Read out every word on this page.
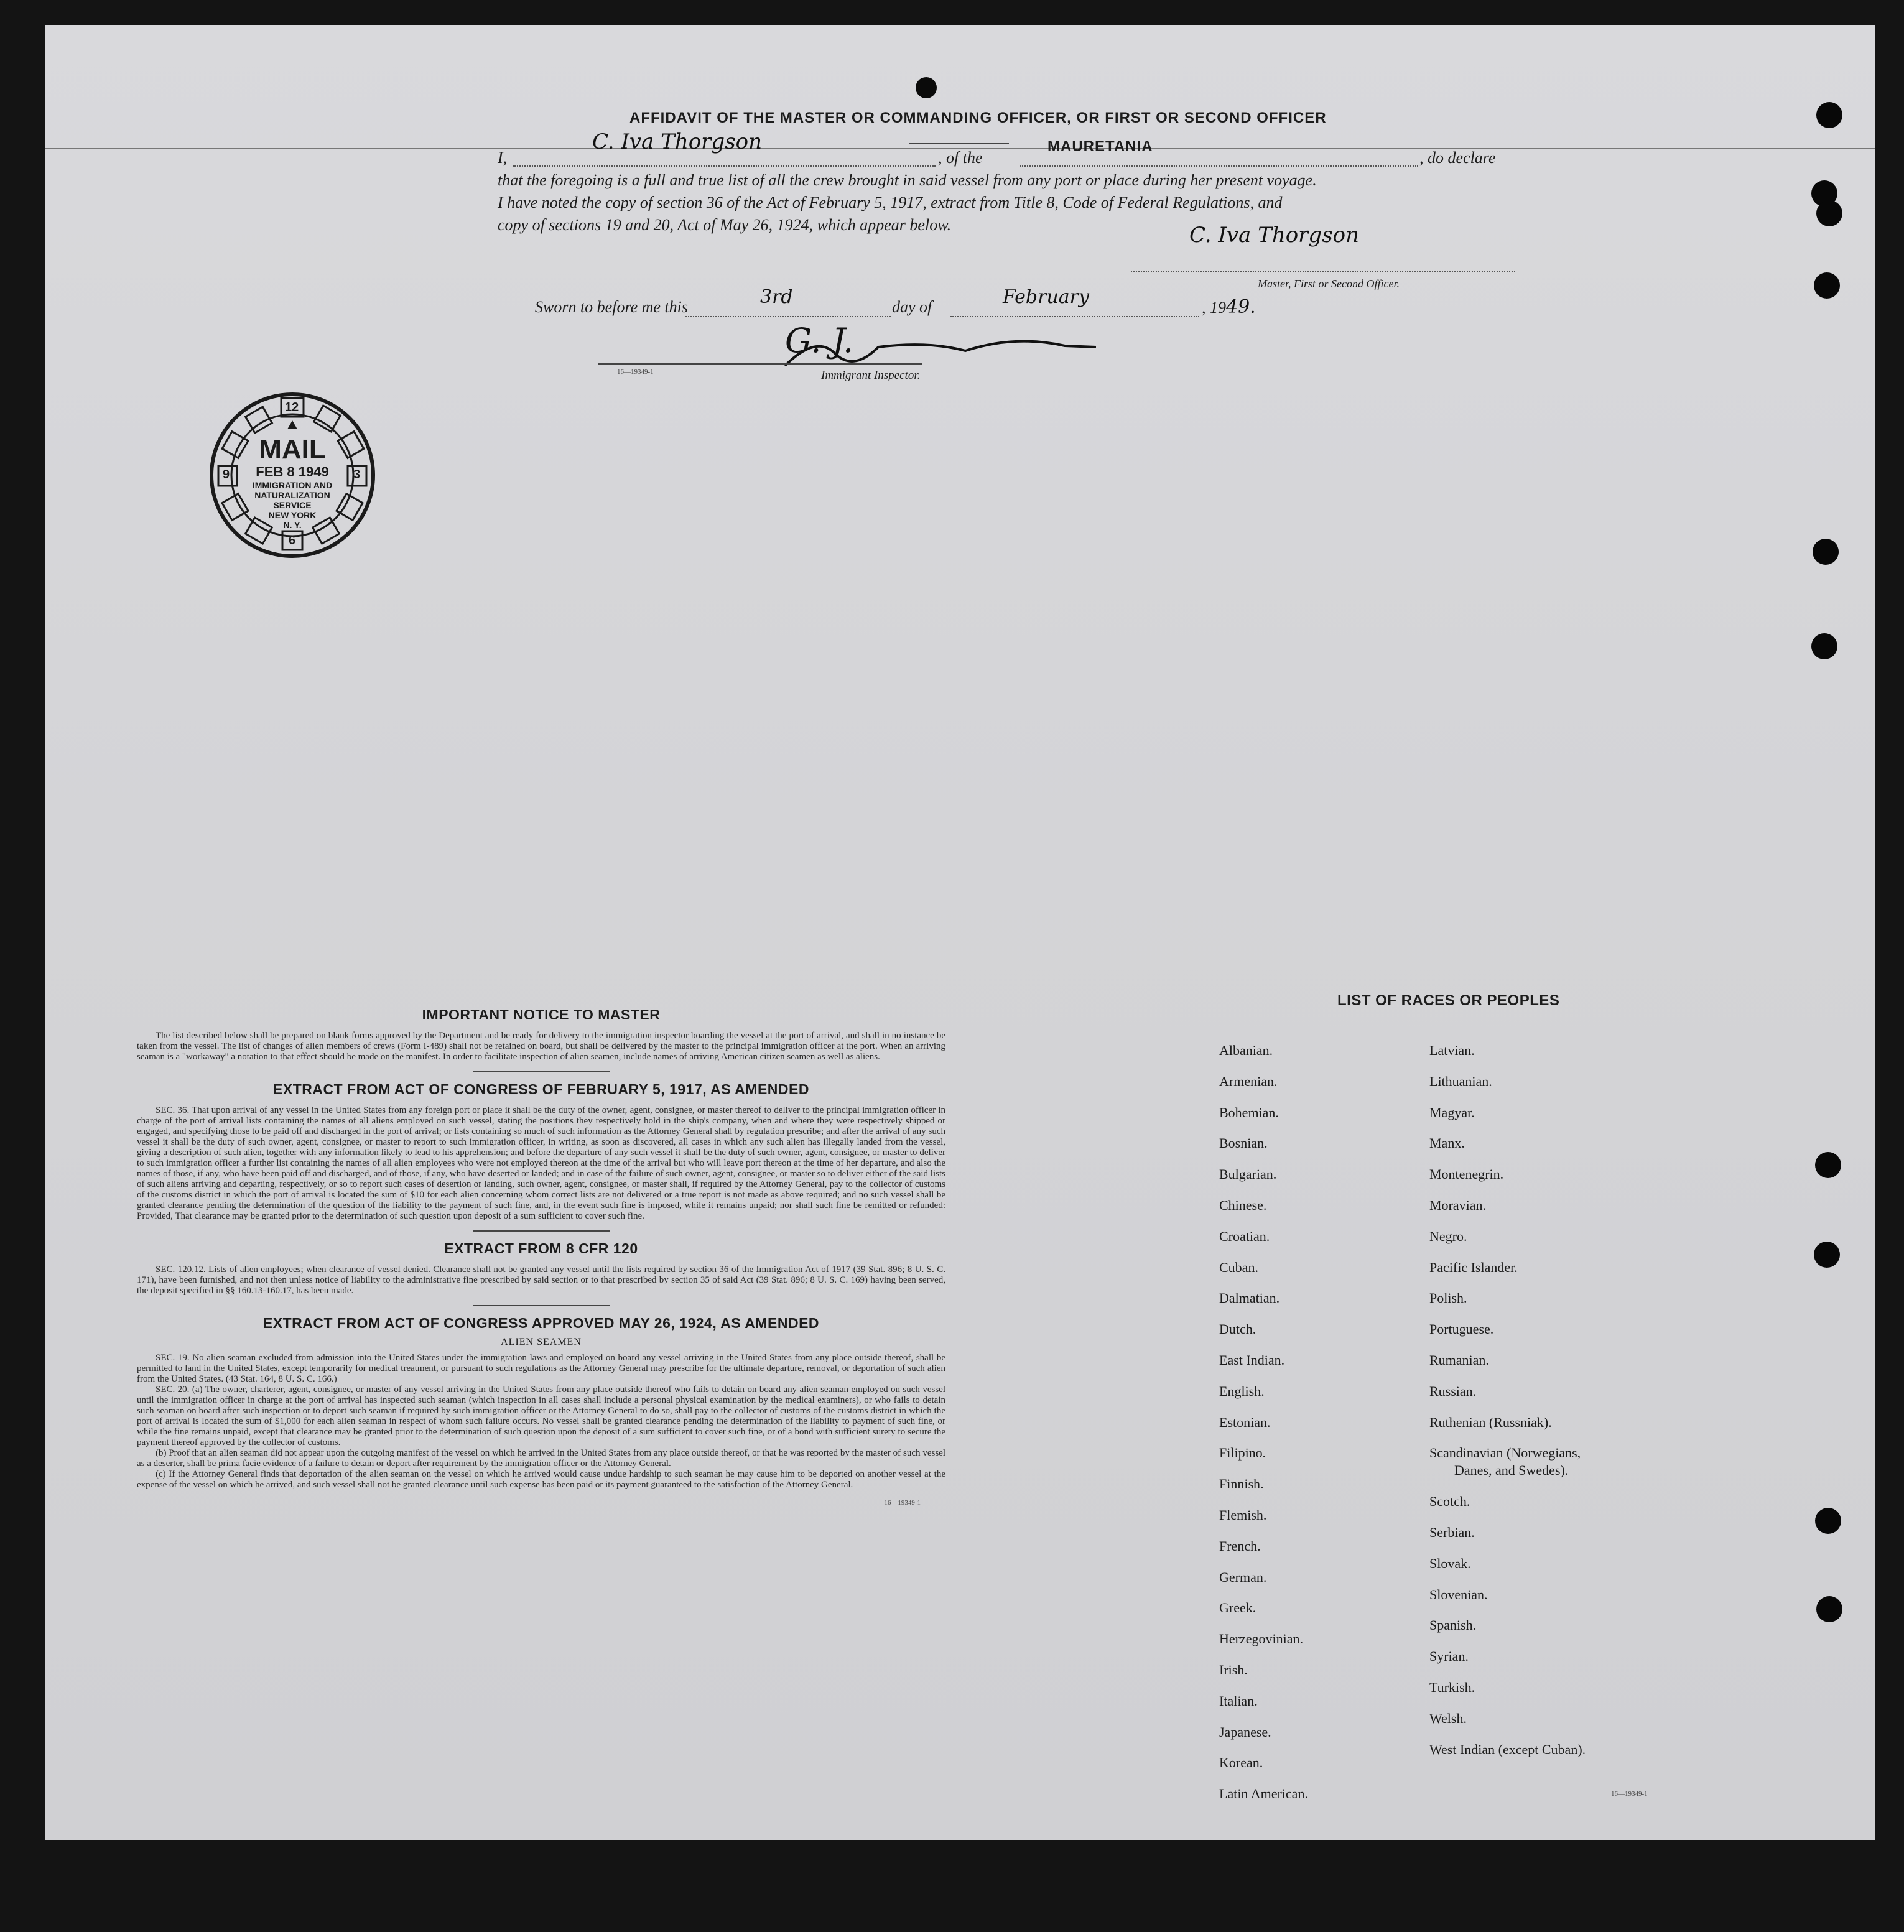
AFFIDAVIT OF THE MASTER OR COMMANDING OFFICER, OR FIRST OR SECOND OFFICER
I,
C. Iva Thorgson
, of the
MAURETANIA
, do declare
that the foregoing is a full and true list of all the crew brought in said vessel from any port or place during her present voyage.
I have noted the copy of section 36 of the Act of February 5, 1917, extract from Title 8, Code of Federal Regulations, and
copy of sections 19 and 20, Act of May 26, 1924, which appear below.	C. Iva Thorgson
Master, First or Second Officer.
Sworn to before me this	3rd	day of	February	, 1949.
G. J.
Immigrant Inspector.
16—19349-1
12
3
6
9
MAIL
FEB 8 1949
IMMIGRATION AND
NATURALIZATION
SERVICE
NEW YORK
N. Y.
IMPORTANT NOTICE TO MASTER

The list described below shall be prepared on blank forms approved by the Department and be ready for delivery to the immigration inspector boarding the vessel at the port of arrival, and shall in no instance be taken from the vessel. The list of changes of alien members of crews (Form I-489) shall not be retained on board, but shall be delivered by the master to the principal immigration officer at the port. When an arriving seaman is a "workaway" a notation to that effect should be made on the manifest. In order to facilitate inspection of alien seamen, include names of arriving American citizen seamen as well as aliens.

EXTRACT FROM ACT OF CONGRESS OF FEBRUARY 5, 1917, AS AMENDED

SEC. 36. That upon arrival of any vessel in the United States from any foreign port or place it shall be the duty of the owner, agent, consignee, or master thereof to deliver to the principal immigration officer in charge of the port of arrival lists containing the names of all aliens employed on such vessel, stating the positions they respectively hold in the ship's company, when and where they were respectively shipped or engaged, and specifying those to be paid off and discharged in the port of arrival; or lists containing so much of such information as the Attorney General shall by regulation prescribe; and after the arrival of any such vessel it shall be the duty of such owner, agent, consignee, or master to report to such immigration officer, in writing, as soon as discovered, all cases in which any such alien has illegally landed from the vessel, giving a description of such alien, together with any information likely to lead to his apprehension; and before the departure of any such vessel it shall be the duty of such owner, agent, consignee, or master to deliver to such immigration officer a further list containing the names of all alien employees who were not employed thereon at the time of the arrival but who will leave port thereon at the time of her departure, and also the names of those, if any, who have been paid off and discharged, and of those, if any, who have deserted or landed; and in case of the failure of such owner, agent, consignee, or master so to deliver either of the said lists of such aliens arriving and departing, respectively, or so to report such cases of desertion or landing, such owner, agent, consignee, or master shall, if required by the Attorney General, pay to the collector of customs of the customs district in which the port of arrival is located the sum of $10 for each alien concerning whom correct lists are not delivered or a true report is not made as above required; and no such vessel shall be granted clearance pending the determination of the question of the liability to the payment of such fine, and, in the event such fine is imposed, while it remains unpaid; nor shall such fine be remitted or refunded: Provided, That clearance may be granted prior to the determination of such question upon deposit of a sum sufficient to cover such fine.

EXTRACT FROM 8 CFR 120

SEC. 120.12. Lists of alien employees; when clearance of vessel denied. Clearance shall not be granted any vessel until the lists required by section 36 of the Immigration Act of 1917 (39 Stat. 896; 8 U. S. C. 171), have been furnished, and not then unless notice of liability to the administrative fine prescribed by said section or to that prescribed by section 35 of said Act (39 Stat. 896; 8 U. S. C. 169) having been served, the deposit specified in §§ 160.13-160.17, has been made.

EXTRACT FROM ACT OF CONGRESS APPROVED MAY 26, 1924, AS AMENDED
ALIEN SEAMEN

SEC. 19. No alien seaman excluded from admission into the United States under the immigration laws and employed on board any vessel arriving in the United States from any place outside thereof, shall be permitted to land in the United States, except temporarily for medical treatment, or pursuant to such regulations as the Attorney General may prescribe for the ultimate departure, removal, or deportation of such alien from the United States. (43 Stat. 164, 8 U. S. C. 166.)

SEC. 20. (a) The owner, charterer, agent, consignee, or master of any vessel arriving in the United States from any place outside thereof who fails to detain on board any alien seaman employed on such vessel until the immigration officer in charge at the port of arrival has inspected such seaman (which inspection in all cases shall include a personal physical examination by the medical examiners), or who fails to detain such seaman on board after such inspection or to deport such seaman if required by such immigration officer or the Attorney General to do so, shall pay to the collector of customs of the customs district in which the port of arrival is located the sum of $1,000 for each alien seaman in respect of whom such failure occurs. No vessel shall be granted clearance pending the determination of the liability to payment of such fine, or while the fine remains unpaid, except that clearance may be granted prior to the determination of such question upon the deposit of a sum sufficient to cover such fine, or of a bond with sufficient surety to secure the payment thereof approved by the collector of customs.

(b) Proof that an alien seaman did not appear upon the outgoing manifest of the vessel on which he arrived in the United States from any place outside thereof, or that he was reported by the master of such vessel as a deserter, shall be prima facie evidence of a failure to detain or deport after requirement by the immigration officer or the Attorney General.

(c) If the Attorney General finds that deportation of the alien seaman on the vessel on which he arrived would cause undue hardship to such seaman he may cause him to be deported on another vessel at the expense of the vessel on which he arrived, and such vessel shall not be granted clearance until such expense has been paid or its payment guaranteed to the satisfaction of the Attorney General.

16—19349-1
LIST OF RACES OR PEOPLES
16—19349-1
Albanian.
Armenian.
Bohemian.
Bosnian.
Bulgarian.
Chinese.
Croatian.
Cuban.
Dalmatian.
Dutch.
East Indian.
English.
Estonian.
Filipino.
Finnish.
Flemish.
French.
German.
Greek.
Herzegovinian.
Irish.
Italian.
Japanese.
Korean.
Latin American.
Latvian.
Lithuanian.
Magyar.
Manx.
Montenegrin.
Moravian.
Negro.
Pacific Islander.
Polish.
Portuguese.
Rumanian.
Russian.
Ruthenian (Russniak).
Scandinavian (Norwegians,
Danes, and Swedes).
Scotch.
Serbian.
Slovak.
Slovenian.
Spanish.
Syrian.
Turkish.
Welsh.
West Indian (except Cuban).
